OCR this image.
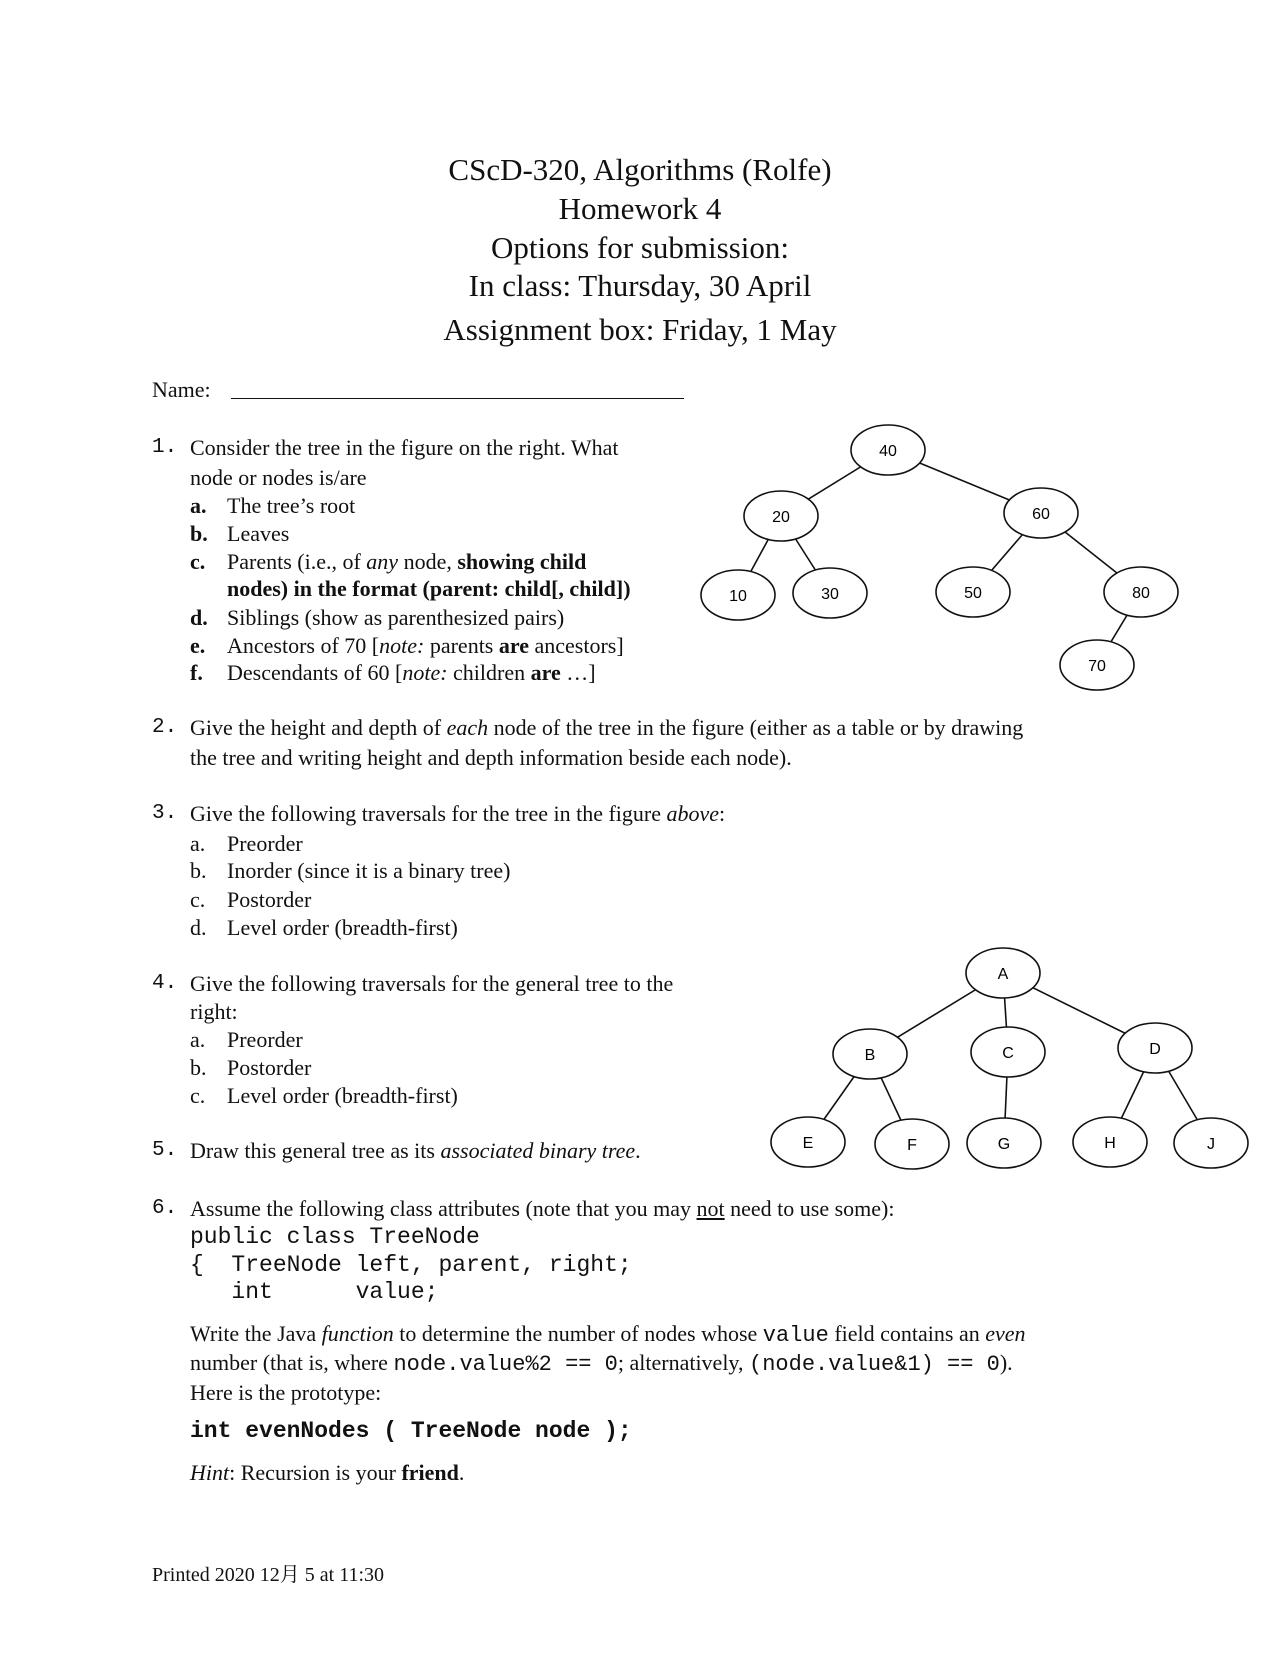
CScD-320, Algorithms (Rolfe)
Homework 4
Options for submission:
In class: Thursday, 30 April
Assignment box: Friday, 1 May
Name:
1. Consider the tree in the figure on the right. What
node or nodes is/are
a. The tree’s root
b. Leaves
c. Parents (i.e., of any node, showing child
nodes) in the format (parent: child[, child])
d. Siblings (show as parenthesized pairs)
e. Ancestors of 70 [note: parents are ancestors]
f. Descendants of 60 [note: children are …]
2. Give the height and depth of each node of the tree in the figure (either as a table or by drawing
the tree and writing height and depth information beside each node).
3. Give the following traversals for the tree in the figure above:
a. Preorder
b. Inorder (since it is a binary tree)
c. Postorder
d. Level order (breadth-first)
4. Give the following traversals for the general tree to the
right:
a. Preorder
b. Postorder
c. Level order (breadth-first)
5. Draw this general tree as its associated binary tree.
6. Assume the following class attributes (note that you may not need to use some):
public class TreeNode
{  TreeNode left, parent, right;
int      value;
Write the Java function to determine the number of nodes whose value field contains an even
number (that is, where node.value%2 == 0; alternatively, (node.value&1) == 0).
Here is the prototype:
int evenNodes ( TreeNode node );
Hint: Recursion is your friend.
Printed 2020 12月 5 at 11:30
40
20	60
10	30	50	80
70
A
B	C	D
E	F	G	H	J
